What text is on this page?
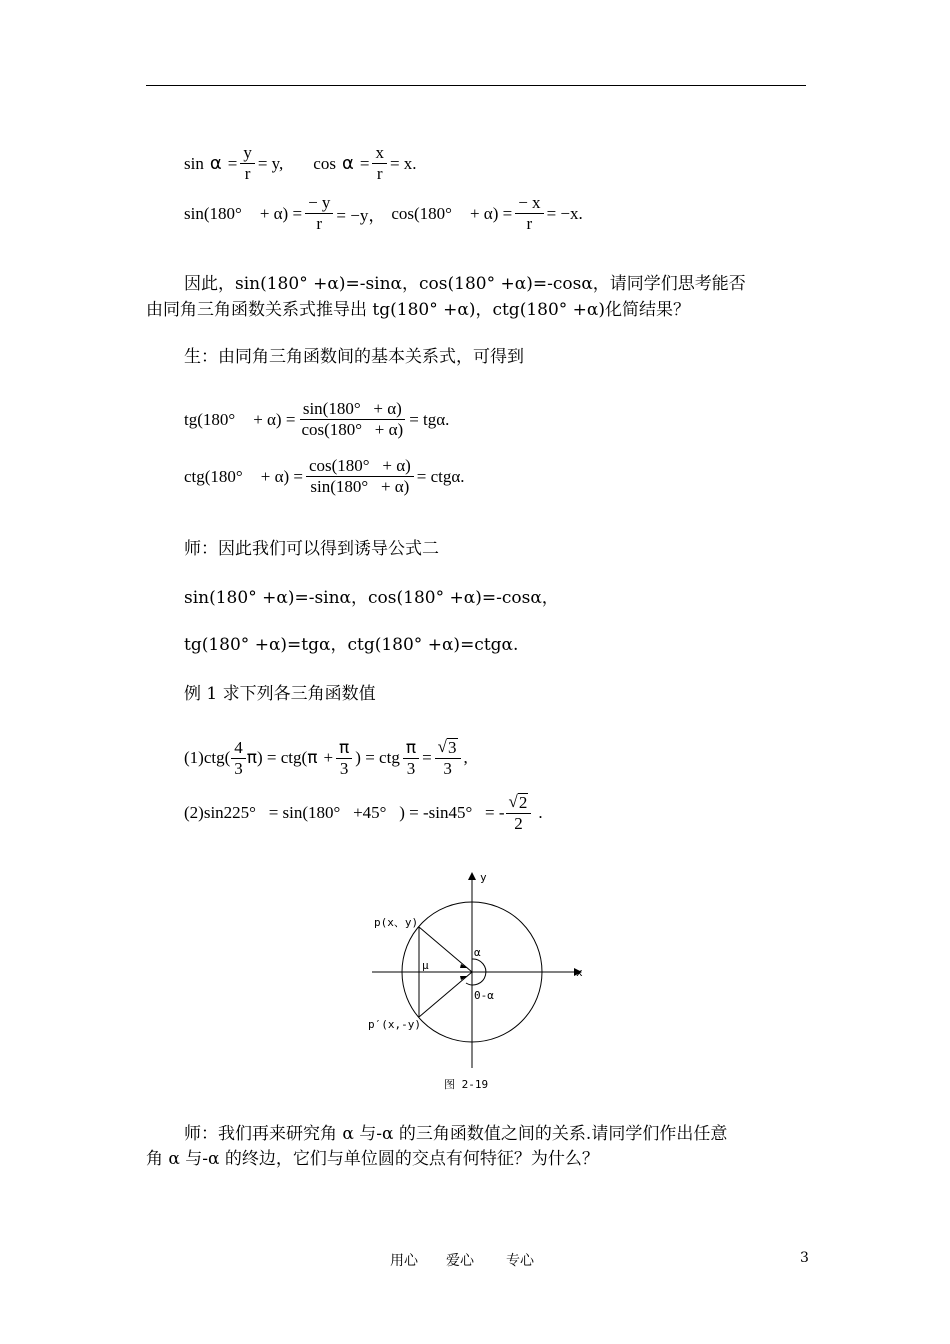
$\sin \alpha = \frac{y}{r} = y$, $\cos \alpha = \frac{x}{r} = x$.
$\sin(180^\circ + \alpha) = \frac{- y}{r} = -y$， $\cos(180^\circ + \alpha) = \frac{- x}{r} = -x$.
因此，sin(180° +α)=-sinα，cos(180° +α)=-cosα，请同学们思考能否
由同角三角函数关系式推导出 tg(180° +α)，ctg(180° +α)化简结果？
生：由同角三角函数间的基本关系式，可得到
$tg(180^\circ + \alpha) = \frac{\sin(180^\circ + \alpha)}{\cos(180^\circ + \alpha)} = tg\alpha$.
$ctg(180^\circ + \alpha) = \frac{\cos(180^\circ + \alpha)}{\sin(180^\circ + \alpha)} = ctg\alpha$.
师：因此我们可以得到诱导公式二
sin(180° +α)=-sinα，cos(180° +α)=-cosα，
tg(180° +α)=tgα，ctg(180° +α)=ctgα.
例 1 求下列各三角函数值
$(1)ctg( \frac{4}{3}$ π ) = ctg( $\pi + \frac{\pi}{3}$ ) = ctg $\frac{\pi}{3} = \frac{√ 3}{3}$ ,
(2)sin225°   = sin(180°   +45°   ) = -sin45°   = - $\frac{√ 2}{2}$ .
y
x
p(x、y)
p′(x,-y)
μ
α
0-α
图 2-19
师：我们再来研究角 α 与-α 的三角函数值之间的关系.请同学们作出任意
角 α 与-α 的终边，它们与单位圆的交点有何特征？为什么？
用心 爱心 专心	3
